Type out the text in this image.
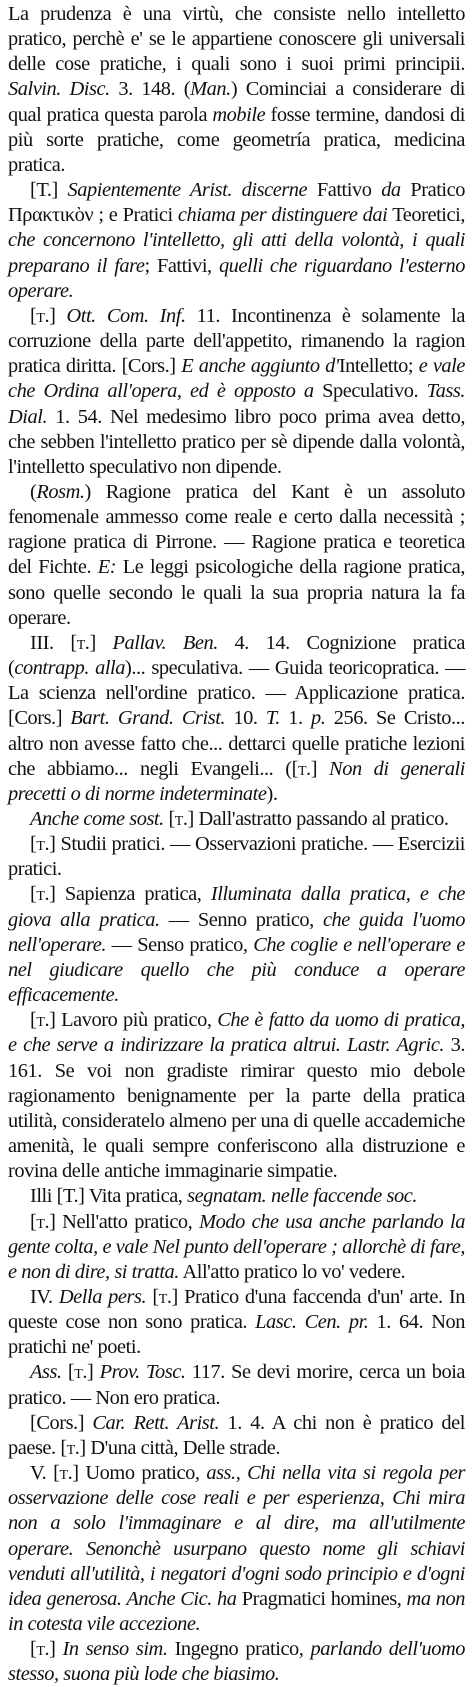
La prudenza è una virtù, che consiste nello intelletto pratico, perchè e' se le appartiene conoscere gli universali delle cose pratiche, i quali sono i suoi primi principii. Salvin. Disc. 3. 148. (Man.) Cominciai a considerare di qual pratica questa parola mobile fosse termine, dandosi di più sorte pratiche, come geometría pratica, medicina pratica.

[T.] Sapientemente Arist. discerne Fattivo da Pratico Πρακτικὸν ; e Pratici chiama per distinguere dai Teoretici, che concernono l'intelletto, gli atti della volontà, i quali preparano il fare; Fattivi, quelli che riguardano l'esterno operare.

[t.] Ott. Com. Inf. 11. Incontinenza è solamente la corruzione della parte dell'appetito, rimanendo la ragion pratica diritta. [Cors.] E anche aggiunto d'Intelletto; e vale che Ordina all'opera, ed è opposto a Speculativo. Tass. Dial. 1. 54. Nel medesimo libro poco prima avea detto, che sebben l'intelletto pratico per sè dipende dalla volontà, l'intelletto speculativo non dipende.

(Rosm.) Ragione pratica del Kant è un assoluto fenomenale ammesso come reale e certo dalla necessità ; ragione pratica di Pirrone. — Ragione pratica e teoretica del Fichte. E: Le leggi psicologiche della ragione pratica, sono quelle secondo le quali la sua propria natura la fa operare.

III. [t.] Pallav. Ben. 4. 14. Cognizione pratica (contrapp. alla)... speculativa. — Guida teoricopratica. — La scienza nell'ordine pratico. — Applicazione pratica. [Cors.] Bart. Grand. Crist. 10. T. 1. p. 256. Se Cristo... altro non avesse fatto che... dettarci quelle pratiche lezioni che abbiamo... negli Evangeli... ([t.] Non di generali precetti o di norme indeterminate).

Anche come sost. [t.] Dall'astratto passando al pratico.

[t.] Studii pratici. — Osservazioni pratiche. — Esercizii pratici.

[t.] Sapienza pratica, Illuminata dalla pratica, e che giova alla pratica. — Senno pratico, che guida l'uomo nell'operare. — Senso pratico, Che coglie e nell'operare e nel giudicare quello che più conduce a operare efficacemente.

[t.] Lavoro più pratico, Che è fatto da uomo di pratica, e che serve a indirizzare la pratica altrui. Lastr. Agric. 3. 161. Se voi non gradiste rimirar questo mio debole ragionamento benignamente per la parte della pratica utilità, consideratelo almeno per una di quelle accademiche amenità, le quali sempre conferiscono alla distruzione e rovina delle antiche immaginarie simpatie.

Illi [T.] Vita pratica, segnatam. nelle faccende soc.

[t.] Nell'atto pratico, Modo che usa anche parlando la gente colta, e vale Nel punto dell'operare ; allorchè di fare, e non di dire, si tratta. All'atto pratico lo vo' vedere.

IV. Della pers. [t.] Pratico d'una faccenda d'un' arte. In queste cose non sono pratica. Lasc. Cen. pr. 1. 64. Non pratichi ne' poeti.

Ass. [t.] Prov. Tosc. 117. Se devi morire, cerca un boia pratico. — Non ero pratica.

[Cors.] Car. Rett. Arist. 1. 4. A chi non è pratico del paese. [t.] D'una città, Delle strade.

V. [t.] Uomo pratico, ass., Chi nella vita si regola per osservazione delle cose reali e per esperienza, Chi mira non a solo l'immaginare e al dire, ma all'utilmente operare. Senonchè usurpano questo nome gli schiavi venduti all'utilità, i negatori d'ogni sodo principio e d'ogni idea generosa. Anche Cic. ha Pragmatici homines, ma non in cotesta vile accezione.

[t.] In senso sim. Ingegno pratico, parlando dell'uomo stesso, suona più lode che biasimo.
